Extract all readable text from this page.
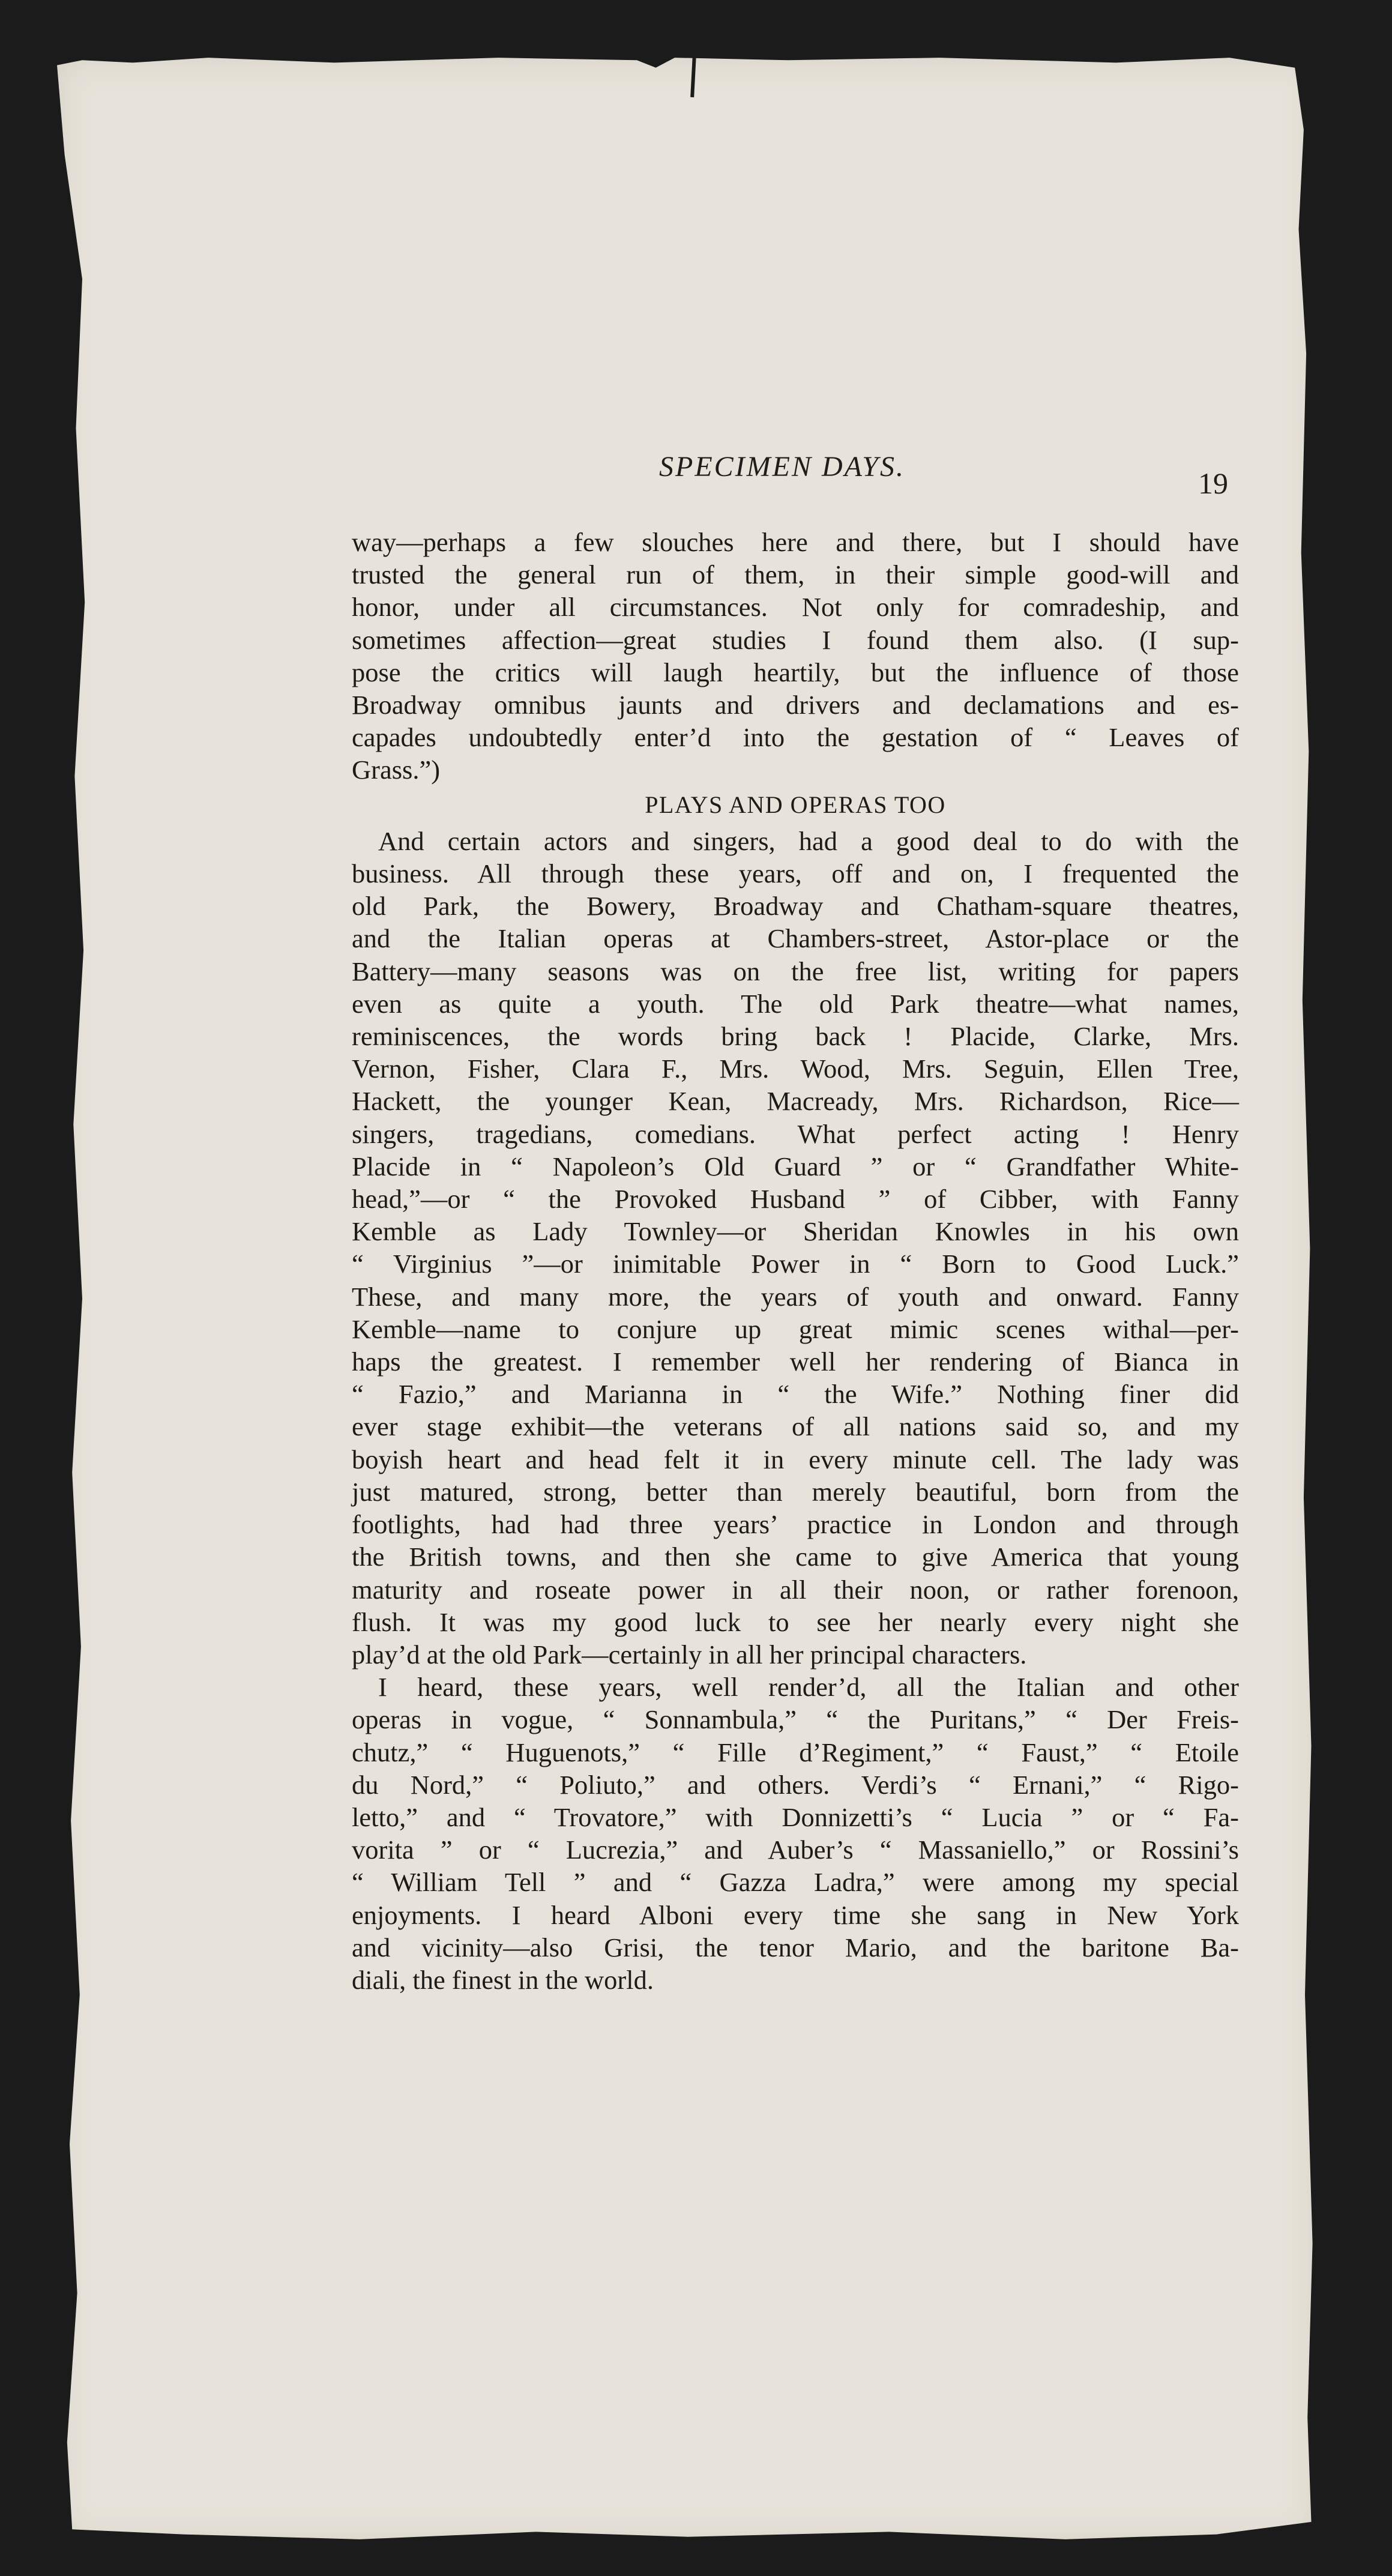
SPECIMEN DAYS.	19
way—perhaps a few slouches here and there, but I should have
trusted the general run of them, in their simple good-will and
honor, under all circumstances. Not only for comradeship, and
sometimes affection—great studies I found them also. (I sup-
pose the critics will laugh heartily, but the influence of those
Broadway omnibus jaunts and drivers and declamations and es-
capades undoubtedly enter’d into the gestation of “ Leaves of
Grass.”)
PLAYS AND OPERAS TOO
And certain actors and singers, had a good deal to do with the
business. All through these years, off and on, I frequented the
old Park, the Bowery, Broadway and Chatham-square theatres,
and the Italian operas at Chambers-street, Astor-place or the
Battery—many seasons was on the free list, writing for papers
even as quite a youth. The old Park theatre—what names,
reminiscences, the words bring back ! Placide, Clarke, Mrs.
Vernon, Fisher, Clara F., Mrs. Wood, Mrs. Seguin, Ellen Tree,
Hackett, the younger Kean, Macready, Mrs. Richardson, Rice—
singers, tragedians, comedians. What perfect acting ! Henry
Placide in “ Napoleon’s Old Guard ” or “ Grandfather White-
head,”—or “ the Provoked Husband ” of Cibber, with Fanny
Kemble as Lady Townley—or Sheridan Knowles in his own
“ Virginius ”—or inimitable Power in “ Born to Good Luck.”
These, and many more, the years of youth and onward. Fanny
Kemble—name to conjure up great mimic scenes withal—per-
haps the greatest. I remember well her rendering of Bianca in
“ Fazio,” and Marianna in “ the Wife.” Nothing finer did
ever stage exhibit—the veterans of all nations said so, and my
boyish heart and head felt it in every minute cell. The lady was
just matured, strong, better than merely beautiful, born from the
footlights, had had three years’ practice in London and through
the British towns, and then she came to give America that young
maturity and roseate power in all their noon, or rather forenoon,
flush. It was my good luck to see her nearly every night she
play’d at the old Park—certainly in all her principal characters.
I heard, these years, well render’d, all the Italian and other
operas in vogue, “ Sonnambula,” “ the Puritans,” “ Der Freis-
chutz,” “ Huguenots,” “ Fille d’Regiment,” “ Faust,” “ Etoile
du Nord,” “ Poliuto,” and others. Verdi’s “ Ernani,” “ Rigo-
letto,” and “ Trovatore,” with Donnizetti’s “ Lucia ” or “ Fa-
vorita ” or “ Lucrezia,” and Auber’s “ Massaniello,” or Rossini’s
“ William Tell ” and “ Gazza Ladra,” were among my special
enjoyments. I heard Alboni every time she sang in New York
and vicinity—also Grisi, the tenor Mario, and the baritone Ba-
diali, the finest in the world.
